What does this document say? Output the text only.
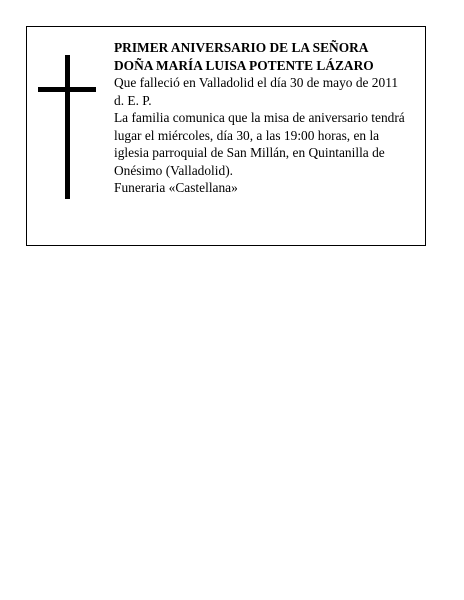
PRIMER ANIVERSARIO DE LA SEÑORA

DOÑA MARÍA LUISA POTENTE LÁZARO

Que falleció en Valladolid el día 30 de mayo de 2011

d. E. P.

La familia comunica que la misa de aniversario tendrá lugar el miércoles, día 30, a las 19:00 horas, en la iglesia parroquial de San Millán, en Quintanilla de Onésimo (Valladolid).

Funeraria «Castellana»
